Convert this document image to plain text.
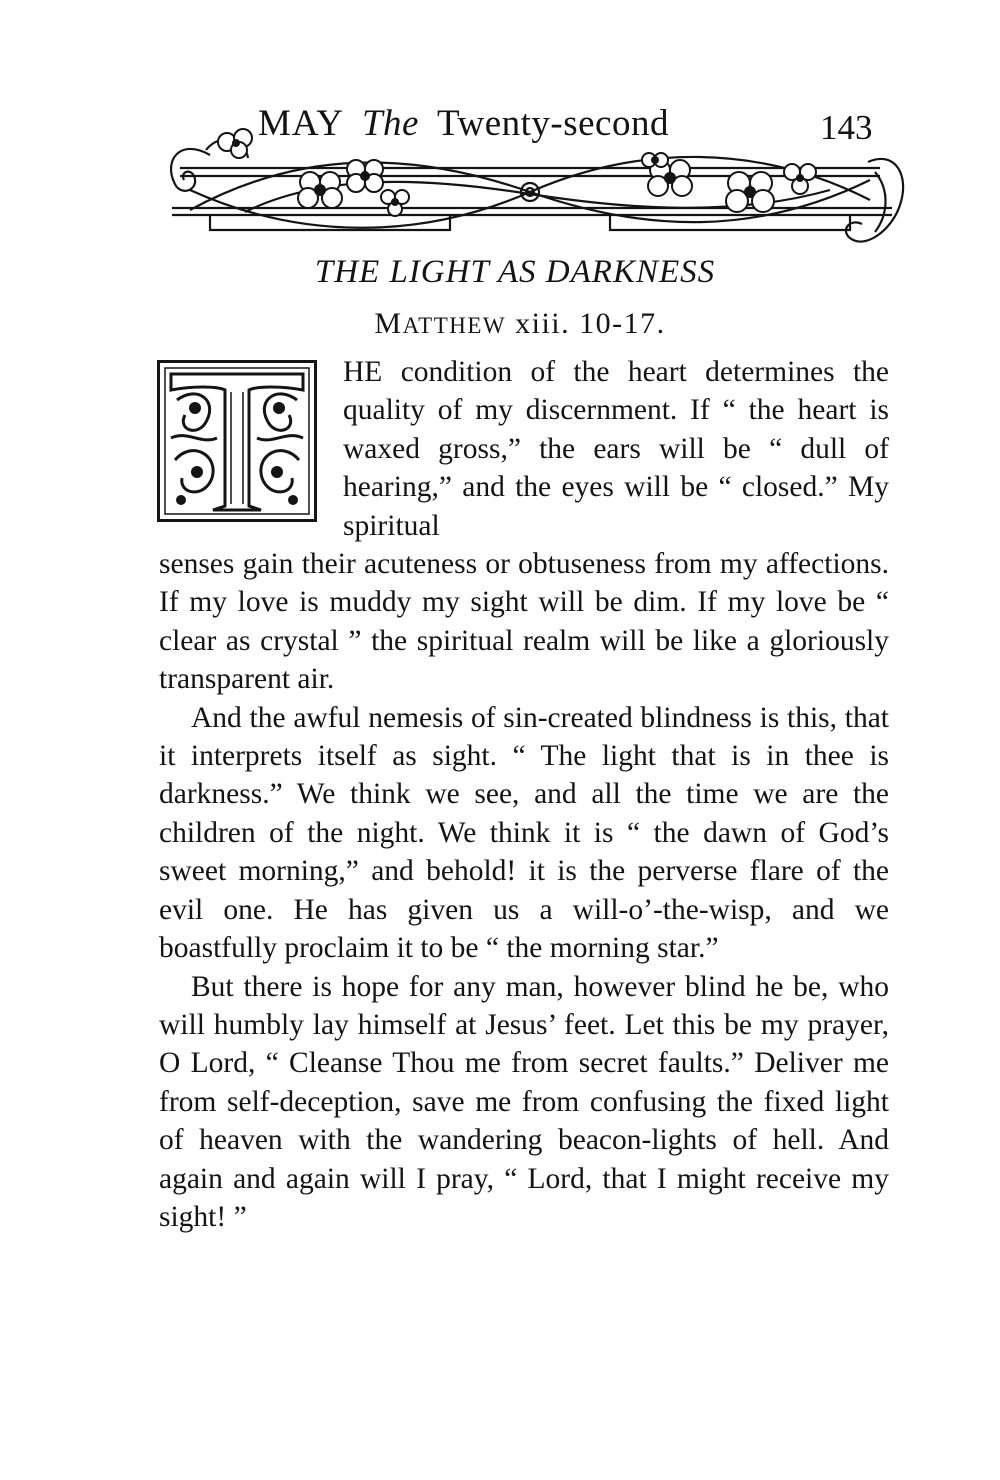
MAY The Twenty-second	143
THE LIGHT AS DARKNESS
MATTHEW xiii. 10-17.

HE condition of the heart determines the quality of my discernment. If “ the heart is waxed gross,” the ears will be “ dull of hearing,” and the eyes will be “ closed.” My spiritual
senses gain their acuteness or obtuseness from my affections. If my love is muddy my sight will be dim. If my love be “ clear as crystal ” the spiritual realm will be like a gloriously transparent air.

And the awful nemesis of sin-created blindness is this, that it interprets itself as sight. “ The light that is in thee is darkness.” We think we see, and all the time we are the children of the night. We think it is “ the dawn of God’s sweet morning,” and behold! it is the perverse flare of the evil one. He has given us a will-o’-the-wisp, and we boastfully proclaim it to be “ the morning star.”

But there is hope for any man, however blind he be, who will humbly lay himself at Jesus’ feet. Let this be my prayer, O Lord, “ Cleanse Thou me from secret faults.” Deliver me from self-deception, save me from confusing the fixed light of heaven with the wandering beacon-lights of hell. And again and again will I pray, “ Lord, that I might receive my sight! ”
